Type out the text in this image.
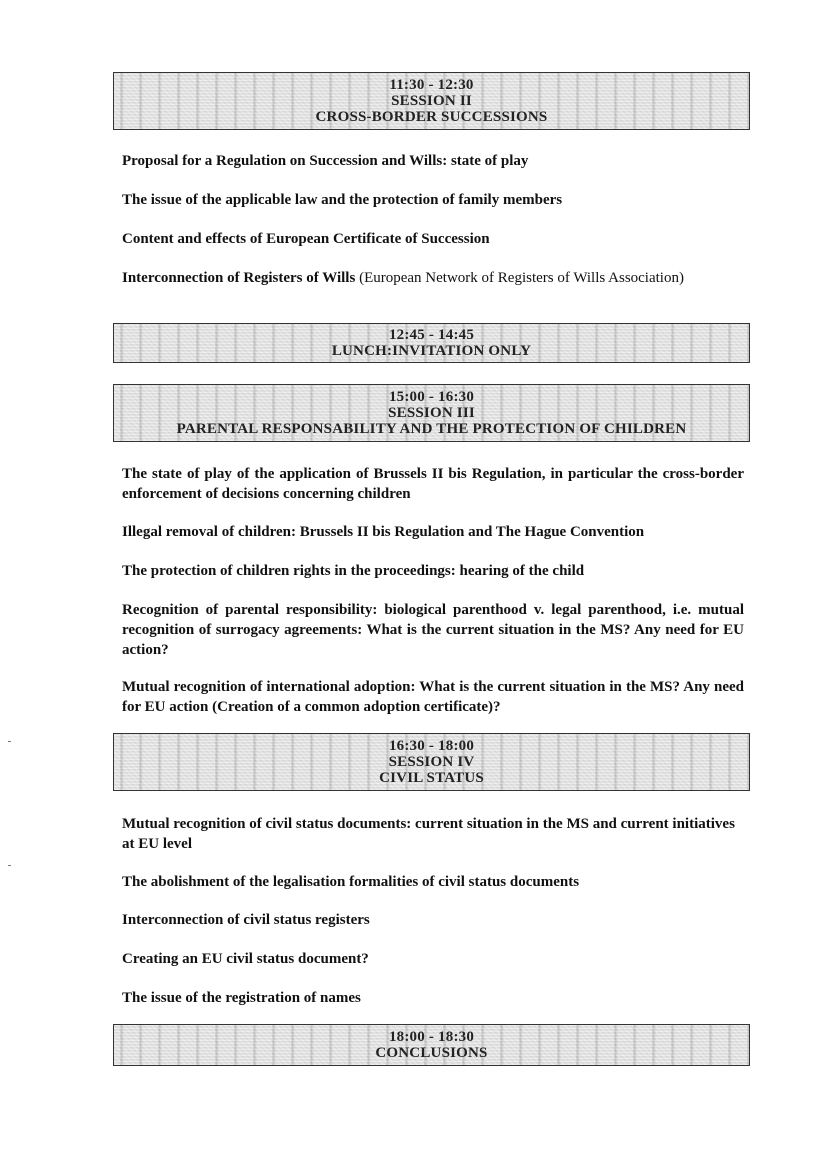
11:30 - 12:30
SESSION II
CROSS-BORDER SUCCESSIONS

Proposal for a Regulation on Succession and Wills: state of play

The issue of the applicable law and the protection of family members

Content and effects of European Certificate of Succession

Interconnection of Registers of Wills (European Network of Registers of Wills Association)

12:45 - 14:45
LUNCH:INVITATION ONLY
15:00 - 16:30
SESSION III
PARENTAL RESPONSABILITY AND THE PROTECTION OF CHILDREN

The state of play of the application of Brussels II bis Regulation, in particular the cross-border enforcement of decisions concerning children

Illegal removal of children: Brussels II bis Regulation and The Hague Convention

The protection of children rights in the proceedings: hearing of the child

Recognition of parental responsibility: biological parenthood v. legal parenthood, i.e. mutual recognition of surrogacy agreements: What is the current situation in the MS? Any need for EU action?

Mutual recognition of international adoption: What is the current situation in the MS? Any need for EU action (Creation of a common adoption certificate)?

16:30 - 18:00
SESSION IV
CIVIL STATUS

Mutual recognition of civil status documents: current situation in the MS and current initiatives at EU level

The abolishment of the legalisation formalities of civil status documents

Interconnection of civil status registers

Creating an EU civil status document?

The issue of the registration of names

18:00 - 18:30
CONCLUSIONS
